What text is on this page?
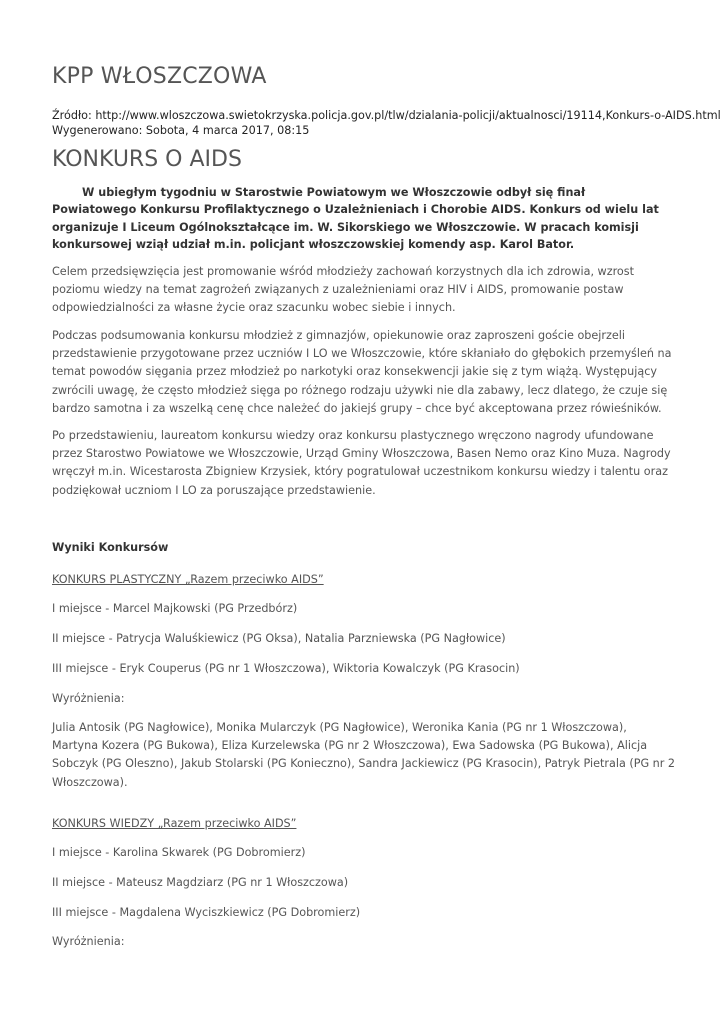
KPP WŁOSZCZOWA
Źródło: http://www.wloszczowa.swietokrzyska.policja.gov.pl/tlw/dzialania-policji/aktualnosci/19114,Konkurs-o-AIDS.html
Wygenerowano: Sobota, 4 marca 2017, 08:15
KONKURS O AIDS

W ubiegłym tygodniu w Starostwie Powiatowym we Włoszczowie odbył się finał Powiatowego Konkursu Profilaktycznego o Uzależnieniach i Chorobie AIDS. Konkurs od wielu lat organizuje I Liceum Ogólnokształcące im. W. Sikorskiego we Włoszczowie. W pracach komisji konkursowej wziął udział m.in. policjant włoszczowskiej komendy asp. Karol Bator.

Celem przedsięwzięcia jest promowanie wśród młodzieży zachowań korzystnych dla ich zdrowia, wzrost poziomu wiedzy na temat zagrożeń związanych z uzależnieniami oraz HIV i AIDS, promowanie postaw odpowiedzialności za własne życie oraz szacunku wobec siebie i innych.

Podczas podsumowania konkursu młodzież z gimnazjów, opiekunowie oraz zaproszeni goście obejrzeli przedstawienie przygotowane przez uczniów I LO we Włoszczowie, które skłaniało do głębokich przemyśleń na temat powodów sięgania przez młodzież po narkotyki oraz konsekwencji jakie się z tym wiążą. Występujący zwrócili uwagę, że często młodzież sięga po różnego rodzaju używki nie dla zabawy, lecz dlatego, że czuje się bardzo samotna i za wszelką cenę chce należeć do jakiejś grupy – chce być akceptowana przez rówieśników.

Po przedstawieniu, laureatom konkursu wiedzy oraz konkursu plastycznego wręczono nagrody ufundowane przez Starostwo Powiatowe we Włoszczowie, Urząd Gminy Włoszczowa, Basen Nemo oraz Kino Muza. Nagrody wręczył m.in. Wicestarosta Zbigniew Krzysiek, który pogratulował uczestnikom konkursu wiedzy i talentu oraz podziękował uczniom I LO za poruszające przedstawienie.

Wyniki Konkursów

KONKURS PLASTYCZNY „Razem przeciwko AIDS”

I miejsce - Marcel Majkowski (PG Przedbórz)

II miejsce - Patrycja Waluśkiewicz (PG Oksa), Natalia Parzniewska (PG Nagłowice)

III miejsce - Eryk Couperus (PG nr 1 Włoszczowa), Wiktoria Kowalczyk (PG Krasocin)

Wyróżnienia:

Julia Antosik (PG Nagłowice), Monika Mularczyk (PG Nagłowice), Weronika Kania (PG nr 1 Włoszczowa), Martyna Kozera (PG Bukowa), Eliza Kurzelewska (PG nr 2 Włoszczowa), Ewa Sadowska (PG Bukowa), Alicja Sobczyk (PG Oleszno), Jakub Stolarski (PG Konieczno), Sandra Jackiewicz (PG Krasocin), Patryk Pietrala (PG nr 2 Włoszczowa).

KONKURS WIEDZY „Razem przeciwko AIDS”

I miejsce - Karolina Skwarek (PG Dobromierz)

II miejsce - Mateusz Magdziarz (PG nr 1 Włoszczowa)

III miejsce - Magdalena Wyciszkiewicz (PG Dobromierz)

Wyróżnienia:
